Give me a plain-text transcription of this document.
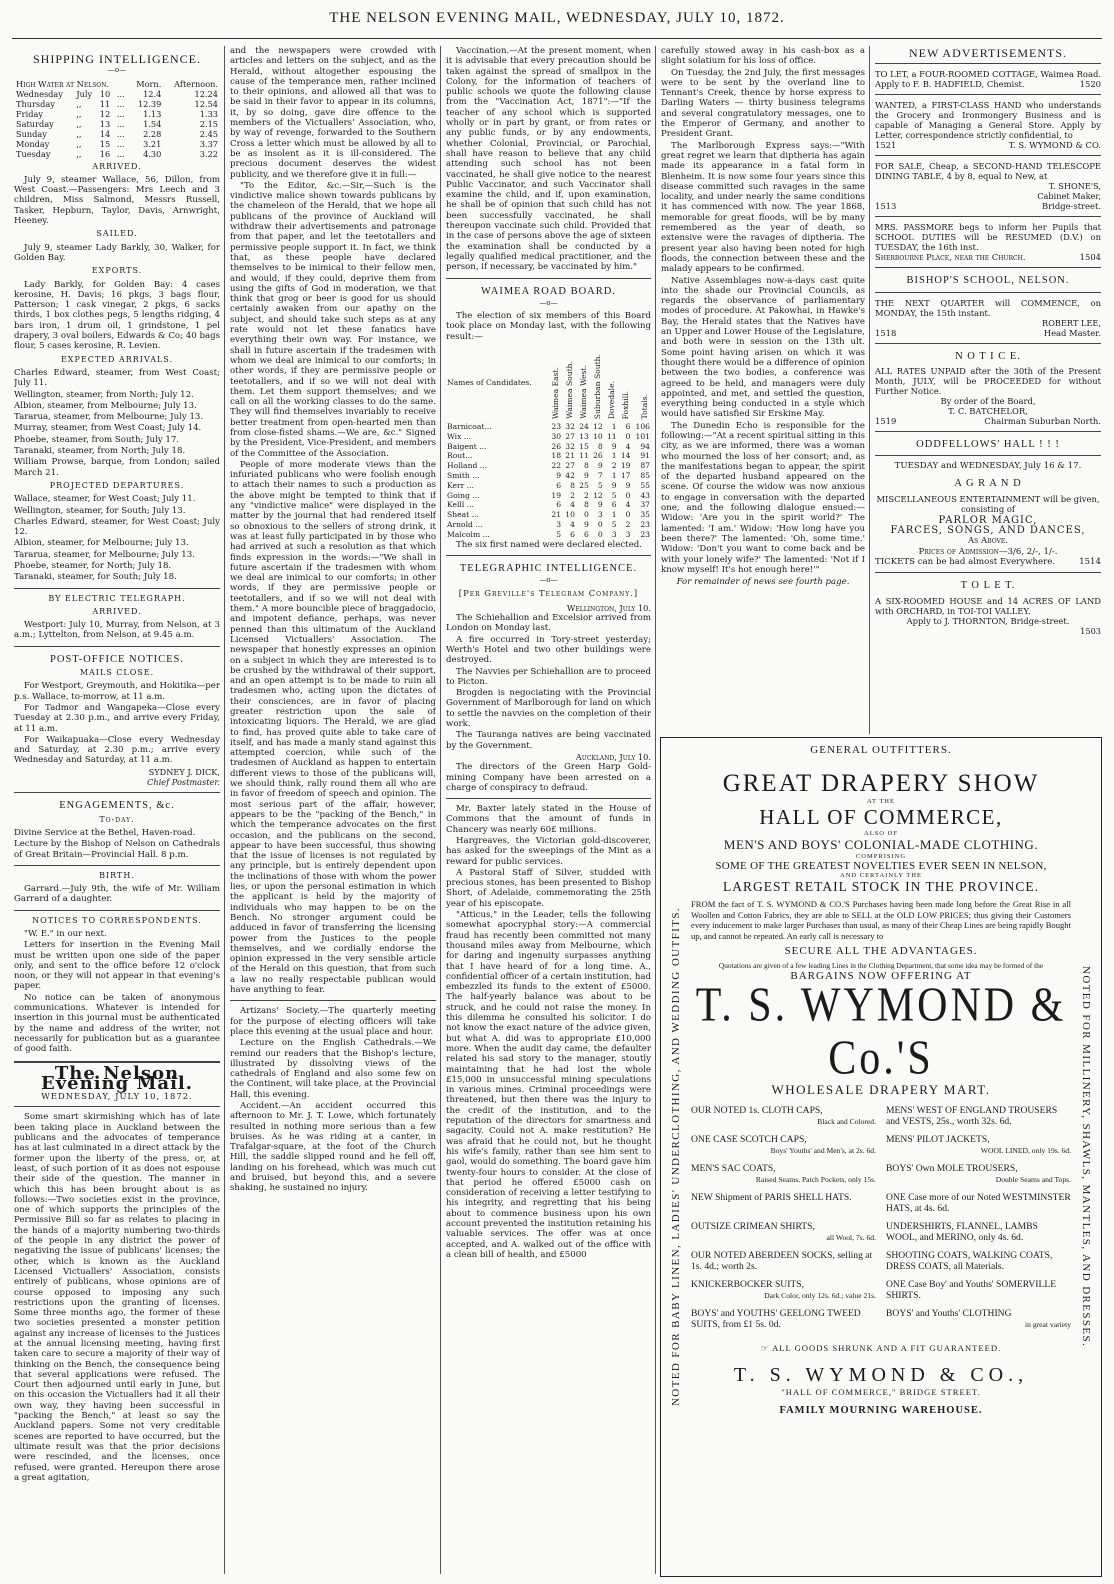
THE NELSON EVENING MAIL, WEDNESDAY, JULY 10, 1872.
SHIPPING INTELLIGENCE.
—o—
High Water at Nelson.				Morn.	Afternoon.
Wednesday	July	10	...	12.4	12.24
Thursday	,,	11	...	12.39	12.54
Friday	,,	12	...	1.13	1.33
Saturday	,,	13	...	1.54	2.15
Sunday	,,	14	...	2.28	2.45
Monday	,,	15	...	3.21	3.37
Tuesday	,,	16	...	4.30	3.22
ARRIVED.

July 9, steamer Wallace, 56, Dillon, from West Coast.—Passengers: Mrs Leech and 3 children, Miss Salmond, Messrs Russell, Tasker, Hepburn, Taylor, Davis, Arnwright, Heeney.

SAILED.

July 9, steamer Lady Barkly, 30, Walker, for Golden Bay.

EXPORTS.

Lady Barkly, for Golden Bay: 4 cases kerosine, H. Davis; 16 pkgs, 3 bags flour, Patterson; 1 cask vinegar, 2 pkgs, 6 sacks thirds, 1 box clothes pegs, 5 lengths ridging, 4 bars iron, 1 drum oil, 1 grindstone, 1 pel drapery, 3 oval boilers, Edwards & Co; 40 bags flour, 5 cases kerosine, R. Levien.

EXPECTED ARRIVALS.

Charles Edward, steamer, from West Coast; July 11.

Wellington, steamer, from North; July 12.

Albion, steamer, from Melbourne; July 13.

Tararua, steamer, from Melbourne; July 13.

Murray, steamer, from West Coast; July 14.

Phoebe, steamer, from South; July 17.

Taranaki, steamer, from North; July 18.

William Prowse, barque, from London; sailed March 21.

PROJECTED DEPARTURES.

Wallace, steamer, for West Coast; July 11.

Wellington, steamer, for South; July 13.

Charles Edward, steamer, for West Coast; July 12.

Albion, steamer, for Melbourne; July 13.

Tararua, steamer, for Melbourne; July 13.

Phoebe, steamer, for North; July 18.

Taranaki, steamer, for South; July 18.

BY ELECTRIC TELEGRAPH.
ARRIVED.

Westport: July 10, Murray, from Nelson, at 3 a.m.; Lyttelton, from Nelson, at 9.45 a.m.

POST-OFFICE NOTICES.
MAILS CLOSE.

For Westport, Greymouth, and Hokitika—per p.s. Wallace, to-morrow, at 11 a.m.

For Tadmor and Wangapeka—Close every Tuesday at 2.30 p.m., and arrive every Friday, at 11 a.m.

For Waikapuaka—Close every Wednesday and Saturday, at 2.30 p.m.; arrive every Wednesday and Saturday, at 11 a.m.

SYDNEY J. DICK,
Chief Postmaster.
ENGAGEMENTS, &c.
To-day.

Divine Service at the Bethel, Haven-road.

Lecture by the Bishop of Nelson on Cathedrals of Great Britain—Provincial Hall. 8 p.m.

BIRTH.

Garrard.—July 9th, the wife of Mr. William Garrard of a daughter.

NOTICES TO CORRESPONDENTS.

"W. E." in our next.

Letters for insertion in the Evening Mail must be written upon one side of the paper only, and sent to the office before 12 o'clock noon, or they will not appear in that evening's paper.

No notice can be taken of anonymous communications. Whatever is intended for insertion in this journal must be authenticated by the name and address of the writer, not necessarily for publication but as a guarantee of good faith.

The Nelson Evening Mail.
WEDNESDAY, JULY 10, 1872.

Some smart skirmishing which has of late been taking place in Auckland between the publicans and the advocates of temperance has at last culminated in a direct attack by the former upon the liberty of the press, or, at least, of such portion of it as does not espouse their side of the question. The manner in which this has been brought about is as follows:—Two societies exist in the province, one of which supports the principles of the Permissive Bill so far as relates to placing in the hands of a majority numbering two-thirds of the people in any district the power of negativing the issue of publicans' licenses; the other, which is known as the Auckland Licensed Victuallers' Association, consists entirely of publicans, whose opinions are of course opposed to imposing any such restrictions upon the granting of licenses. Some three months ago, the former of these two societies presented a monster petition against any increase of licenses to the Justices at the annual licensing meeting, having first taken care to secure a majority of their way of thinking on the Bench, the consequence being that several applications were refused. The Court then adjourned until early in June, but on this occasion the Victuallers had it all their own way, they having been successful in "packing the Bench," at least so say the Auckland papers. Some not very creditable scenes are reported to have occurred, but the ultimate result was that the prior decisions were rescinded, and the licenses, once refused, were granted. Hereupon there arose a great agitation,

and the newspapers were crowded with articles and letters on the subject, and as the Herald, without altogether espousing the cause of the temperance men, rather inclined to their opinions, and allowed all that was to be said in their favor to appear in its columns, it, by so doing, gave dire offence to the members of the Victuallers' Association, who, by way of revenge, forwarded to the Southern Cross a letter which must be allowed by all to be as insolent as it is ill-considered. The precious document deserves the widest publicity, and we therefore give it in full:—

"To the Editor, &c.—Sir,—Such is the vindictive malice shown towards publicans by the chameleon of the Herald, that we hope all publicans of the province of Auckland will withdraw their advertisements and patronage from that paper, and let the teetotallers and permissive people support it. In fact, we think that, as these people have declared themselves to be inimical to their fellow men, and would, if they could, deprive them from using the gifts of God in moderation, we that think that grog or beer is good for us should certainly awaken from our apathy on the subject, and should take such steps as at any rate would not let these fanatics have everything their own way. For instance, we shall in future ascertain if the tradesmen with whom we deal are inimical to our comforts; in other words, if they are permissive people or teetotallers, and if so we will not deal with them. Let them support themselves; and we call on all the working classes to do the same. They will find themselves invariably to receive better treatment from open-hearted men than from close-fisted shams.—We are, &c." Signed by the President, Vice-President, and members of the Committee of the Association.

People of more moderate views than the infuriated publicans who were foolish enough to attach their names to such a production as the above might be tempted to think that if any "vindictive malice" were displayed in the matter by the journal that had rendered itself so obnoxious to the sellers of strong drink, it was at least fully participated in by those who had arrived at such a resolution as that which finds expression in the words:—"We shall in future ascertain if the tradesmen with whom we deal are inimical to our comforts; in other words, if they are permissive people or teetotallers, and if so we will not deal with them." A more bouncible piece of braggadocio, and impotent defiance, perhaps, was never penned than this ultimatum of the Auckland Licensed Victuallers' Association. The newspaper that honestly expresses an opinion on a subject in which they are interested is to be crushed by the withdrawal of their support, and an open attempt is to be made to ruin all tradesmen who, acting upon the dictates of their consciences, are in favor of placing greater restriction upon the sale of intoxicating liquors. The Herald, we are glad to find, has proved quite able to take care of itself, and has made a manly stand against this attempted coercion, while such of the tradesmen of Auckland as happen to entertain different views to those of the publicans will, we should think, rally round them all who are in favor of freedom of speech and opinion. The most serious part of the affair, however, appears to be the "packing of the Bench," in which the temperance advocates on the first occasion, and the publicans on the second, appear to have been successful, thus showing that the issue of licenses is not regulated by any principle, but is entirely dependent upon the inclinations of those with whom the power lies, or upon the personal estimation in which the applicant is held by the majority of individuals who may happen to be on the Bench. No stronger argument could be adduced in favor of transferring the licensing power from the Justices to the people themselves, and we cordially endorse the opinion expressed in the very sensible article of the Herald on this question, that from such a law no really respectable publican would have anything to fear.

Artizans' Society.—The quarterly meeting for the purpose of electing officers will take place this evening at the usual place and hour.

Lecture on the English Cathedrals.—We remind our readers that the Bishop's lecture, illustrated by dissolving views of the cathedrals of England and also some few on the Continent, will take place, at the Provincial Hall, this evening.

Accident.—An accident occurred this afternoon to Mr. J. T. Lowe, which fortunately resulted in nothing more serious than a few bruises. As he was riding at a canter, in Trafalgar-square, at the foot of the Church Hill, the saddle slipped round and he fell off, landing on his forehead, which was much cut and bruised, but beyond this, and a severe shaking, he sustained no injury.

Vaccination.—At the present moment, when it is advisable that every precaution should be taken against the spread of smallpox in the Colony, for the information of teachers of public schools we quote the following clause from the "Vaccination Act, 1871":—"If the teacher of any school which is supported wholly or in part by grant, or from rates or any public funds, or by any endowments, whether Colonial, Provincial, or Parochial, shall have reason to believe that any child attending such school has not been vaccinated, he shall give notice to the nearest Public Vaccinator, and such Vaccinator shall examine the child, and if, upon examination, he shall be of opinion that such child has not been successfully vaccinated, he shall thereupon vaccinate such child. Provided that in the case of persons above the age of sixteen the examination shall be conducted by a legally qualified medical practitioner, and the person, if necessary, be vaccinated by him."

WAIMEA ROAD BOARD.
—o—

The election of six members of this Board took place on Monday last, with the following result:—

Names of Candidates.	Waimea East.	Waimea South.	Waimea West.	Suburban South.	Dovedale.	Foxhill.	Totals.
Barnicoat...	23	32	24	12	1	6	106
Wix ...	30	27	13	10	11	0	101
Baigent ...	26	32	15	8	9	4	94
Rout...	18	21	11	26	1	14	91
Holland ...	22	27	8	9	2	19	87
Smith ...	9	42	9	7	1	17	85
Kerr ...	6	8	25	5	9	9	55
Going ...	19	2	2	12	5	0	43
Kelll ...	6	4	8	9	6	4	37
Sheat ...	21	10	0	3	1	0	35
Arnold ...	3	4	9	0	5	2	23
Malcolm ...	5	6	6	0	3	3	23

The six first named were declared elected.

TELEGRAPHIC INTELLIGENCE.
—o—
[Per Greville's Telegram Company.]
Wellington, July 10.

The Schiehallion and Excelsior arrived from London on Monday last.

A fire occurred in Tory-street yesterday; Werth's Hotel and two other buildings were destroyed.

The Navvies per Schiehallion are to proceed to Picton.

Brogden is negociating with the Provincial Government of Marlborough for land on which to settle the navvies on the completion of their work.

The Tauranga natives are being vaccinated by the Government.

Auckland, July 10.

The directors of the Green Harp Gold-mining Company have been arrested on a charge of conspiracy to defraud.

Mr. Baxter lately stated in the House of Commons that the amount of funds in Chancery was nearly 60£ millions.

Hargreaves, the Victorian gold-discoverer, has asked for the sweepings of the Mint as a reward for public services.

A Pastoral Staff of Silver, studded with precious stones, has been presented to Bishop Short, of Adelaide, commemorating the 25th year of his episcopate.

"Atticus," in the Leader, tells the following somewhat apocryphal story:—A commercial fraud has recently been committed not many thousand miles away from Melbourne, which for daring and ingenuity surpasses anything that I have heard of for a long time. A., confidential officer of a certain institution, had embezzled its funds to the extent of £5000. The half-yearly balance was about to be struck, and he could not raise the money. In this dilemma he consulted his solicitor. I do not know the exact nature of the advice given, but what A. did was to appropriate £10,000 more. When the audit day came, the defaulter related his sad story to the manager, stoutly maintaining that he had lost the whole £15,000 in unsuccessful mining speculations in various mines. Criminal proceedings were threatened, but then there was the injury to the credit of the institution, and to the reputation of the directors for smartness and sagacity. Could not A. make restitution? He was afraid that he could not, but he thought his wife's family, rather than see him sent to gaol, would do something. The board gave him twenty-four hours to consider. At the close of that period he offered £5000 cash on consideration of receiving a letter testifying to his integrity, and regretting that his being about to commence business upon his own account prevented the institution retaining his valuable services. The offer was at once accepted, and A. walked out of the office with a clean bill of health, and £5000

carefully stowed away in his cash-box as a slight solatium for his loss of office.

On Tuesday, the 2nd July, the first messages were to be sent by the overland line to Tennant's Creek, thence by horse express to Darling Waters — thirty business telegrams and several congratulatory messages, one to the Emperor of Germany, and another to President Grant.

The Marlborough Express says:—"With great regret we learn that diptheria has again made its appearance in a fatal form in Blenheim. It is now some four years since this disease committed such ravages in the same locality, and under nearly the same conditions it has commenced with now. The year 1868, memorable for great floods, will be by many remembered as the year of death, so extensive were the ravages of diptheria. The present year also having been noted for high floods, the connection between these and the malady appears to be confirmed.

Native Assemblages now-a-days cast quite into the shade our Provincial Councils, as regards the observance of parliamentary modes of procedure. At Pakowhai, in Hawke's Bay, the Herald states that the Natives have an Upper and Lower House of the Legislature, and both were in session on the 13th ult. Some point having arisen on which it was thought there would be a difference of opinion between the two bodies, a conference was agreed to be held, and managers were duly appointed, and met, and settled the question, everything being conducted in a style which would have satisfied Sir Erskine May.

The Dunedin Echo is responsible for the following:—"At a recent spiritual sitting in this city, as we are informed, there was a woman who mourned the loss of her consort; and, as the manifestations began to appear, the spirit of the departed husband appeared on the scene. Of course the widow was now anxious to engage in conversation with the departed one, and the following dialogue ensued:—Widow: 'Are you in the spirit world?' The lamented: 'I am.' Widow: 'How long have you been there?' The lamented: 'Oh, some time.' Widow: 'Don't you want to come back and be with your lonely wife?' The lamented: 'Not if I know myself! It's hot enough here!'"

For remainder of news see fourth page.
NEW ADVERTISEMENTS.
TO LET, a FOUR-ROOMED COTTAGE, Waimea Road. Apply to F. B. HADFIELD, Chemist.	1520
WANTED, a FIRST-CLASS HAND who understands the Grocery and Ironmongery Business and is capable of Managing a General Store. Apply by Letter, correspondence strictly confidential, to
1521	T. S. WYMOND & CO.
FOR SALE, Cheap, a SECOND-HAND TELESCOPE DINING TABLE, 4 by 8, equal to New, at
T. SHONE'S,
Cabinet Maker,
1513	Bridge-street.
MRS. PASSMORE begs to inform her Pupils that SCHOOL DUTIES will be RESUMED (D.V.) on TUESDAY, the 16th inst.
Sherbourne Place, near the Church.	1504
BISHOP'S SCHOOL, NELSON.
THE NEXT QUARTER will COMMENCE, on MONDAY, the 15th instant.
ROBERT LEE,
1518	Head Master.
N O T I C E.
ALL RATES UNPAID after the 30th of the Present Month, JULY, will be PROCEEDED for without Further Notice.
By order of the Board,
T. C. BATCHELOR,
1519	Chairman Suburban North.
ODDFELLOWS' HALL ! ! !
TUESDAY and WEDNESDAY, July 16 & 17.
A G R A N D
MISCELLANEOUS ENTERTAINMENT will be given, consisting of
PARLOR MAGIC,
FARCES, SONGS, AND DANCES,
As Above.
Prices of Admission—3/6, 2/-, 1/-.
TICKETS can be had almost Everywhere.	1514
T O L E T.
A SIX-ROOMED HOUSE and 14 ACRES OF LAND with ORCHARD, in TOI-TOI VALLEY.
Apply to J. THORNTON, Bridge-street.
1503
NOTED FOR BABY LINEN, LADIES' UNDERCLOTHING, AND WEDDING OUTFITS.	NOTED FOR MILLINERY, SHAWLS, MANTLES, AND DRESSES.
GENERAL OUTFITTERS.
GREAT DRAPERY SHOW
AT THE
HALL OF COMMERCE,
ALSO OF
MEN'S AND BOYS' COLONIAL-MADE CLOTHING.
COMPRISING
SOME OF THE GREATEST NOVELTIES EVER SEEN IN NELSON,
AND CERTAINLY THE
LARGEST RETAIL STOCK IN THE PROVINCE.
FROM the fact of T. S. WYMOND & CO.'S Purchases having been made long before the Great Rise in all Woollen and Cotton Fabrics, they are able to SELL at the OLD LOW PRICES; thus giving their Customers every inducement to make larger Purchases than usual, as many of their Cheap Lines are being rapidly Bought up, and cannot be repeated. An early call is necessary to
SECURE ALL THE ADVANTAGES.
Quotations are given of a few leading Lines in the Clothing Department, that some idea may be formed of the
BARGAINS NOW OFFERING AT
T. S. WYMOND & Co.'S
WHOLESALE DRAPERY MART.
OUR NOTED 1s. CLOTH CAPS,
Black and Colored.
MENS' WEST OF ENGLAND TROUSERS and VESTS, 25s., worth 32s. 6d.
ONE CASE SCOTCH CAPS,
Boys' Youths' and Men's, at 2s. 6d.
MENS' PILOT JACKETS,
WOOL LINED, only 19s. 6d.
MEN'S SAC COATS,
Raised Seams, Patch Pockets, only 15s.
BOYS' Own MOLE TROUSERS,
Double Seams and Tops.
NEW Shipment of PARIS SHELL HATS.	ONE Case more of our Noted WESTMINSTER HATS, at 4s. 6d.
OUTSIZE CRIMEAN SHIRTS,
all Wool, 7s. 6d.
UNDERSHIRTS, FLANNEL, LAMBS WOOL, and MERINO, only 4s. 6d.
OUR NOTED ABERDEEN SOCKS, selling at 1s. 4d.; worth 2s.
SHOOTING COATS, WALKING COATS, DRESS COATS, all Materials.
KNICKERBOCKER SUITS,
Dark Color, only 12s. 6d.; value 21s.
ONE Case Boy' and Youths' SOMERVILLE SHIRTS.
BOYS' and YOUTHS' GEELONG TWEED SUITS, from £1 5s. 0d.
BOYS' and Youths' CLOTHING
in great variety
☞ ALL GOODS SHRUNK AND A FIT GUARANTEED.
T. S. WYMOND & CO.,
"HALL OF COMMERCE," BRIDGE STREET.
FAMILY MOURNING WAREHOUSE.
